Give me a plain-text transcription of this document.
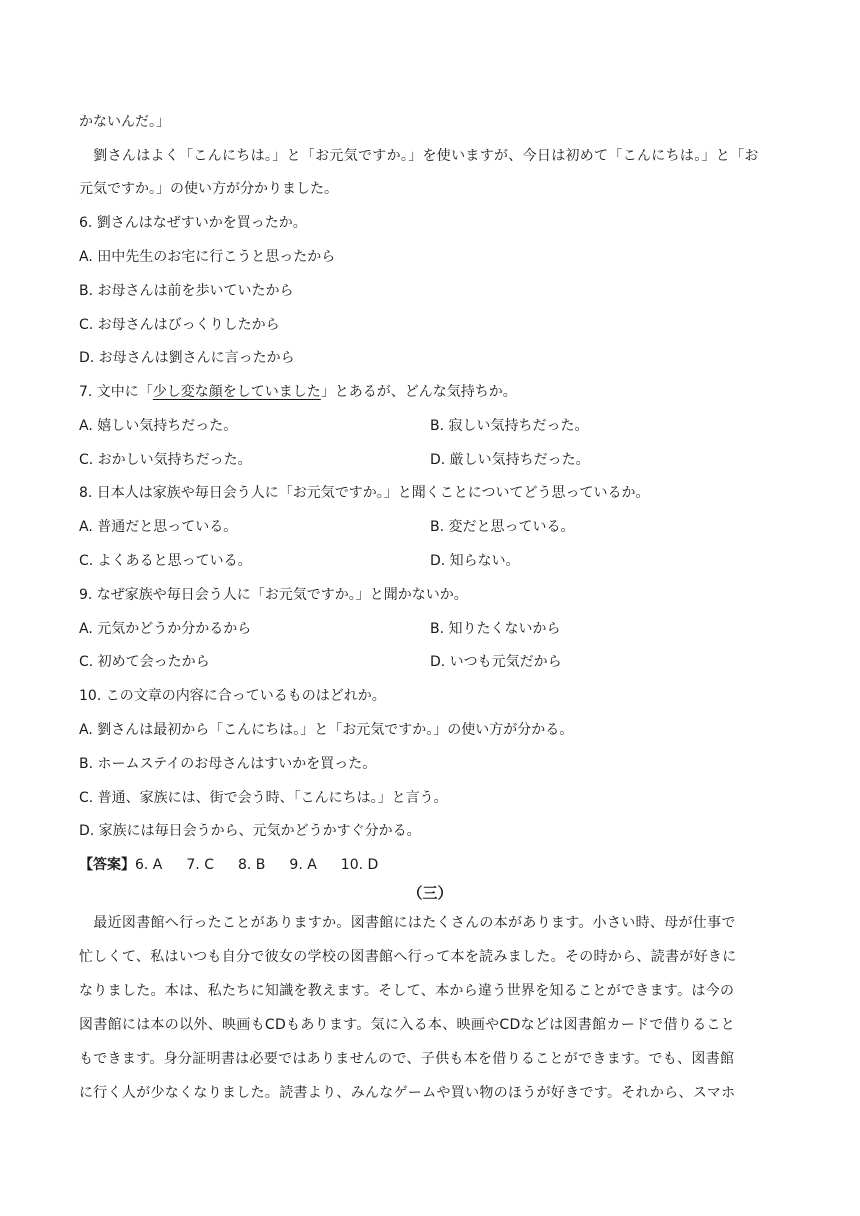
かないんだ。」
　劉さんはよく「こんにちは。」と「お元気ですか。」を使いますが、今日は初めて「こんにちは。」と「お
元気ですか。」の使い方が分かりました。
6. 劉さんはなぜすいかを買ったか。
A. 田中先生のお宅に行こうと思ったから
B. お母さんは前を歩いていたから
C. お母さんはびっくりしたから
D. お母さんは劉さんに言ったから
7. 文中に「少し変な顔をしていました」とあるが、どんな気持ちか。
A. 嬉しい気持ちだった。	B. 寂しい気持ちだった。
C. おかしい気持ちだった。	D. 厳しい気持ちだった。
8. 日本人は家族や毎日会う人に「お元気ですか。」と聞くことについてどう思っているか。
A. 普通だと思っている。	B. 変だと思っている。
C. よくあると思っている。	D. 知らない。
9. なぜ家族や毎日会う人に「お元気ですか。」と聞かないか。
A. 元気かどうか分かるから	B. 知りたくないから
C. 初めて会ったから	D. いつも元気だから
10. この文章の内容に合っているものはどれか。
A. 劉さんは最初から「こんにちは。」と「お元気ですか。」の使い方が分かる。
B. ホームステイのお母さんはすいかを買った。
C. 普通、家族には、街で会う時、「こんにちは。」と言う。
D. 家族には毎日会うから、元気かどうかすぐ分かる。
【答案】6. A 7. C 8. B 9. A 10. D
（三）
　最近図書館へ行ったことがありますか。図書館にはたくさんの本があります。小さい時、母が仕事で
忙しくて、私はいつも自分で彼女の学校の図書館へ行って本を読みました。その時から、読書が好きに
なりました。本は、私たちに知識を教えます。そして、本から違う世界を知ることができます。は今の
図書館には本の以外、映画もCDもあります。気に入る本、映画やCDなどは図書館カードで借りること
もできます。身分証明書は必要ではありませんので、子供も本を借りることができます。でも、図書館
に行く人が少なくなりました。読書より、みんなゲームや買い物のほうが好きです。それから、スマホ
